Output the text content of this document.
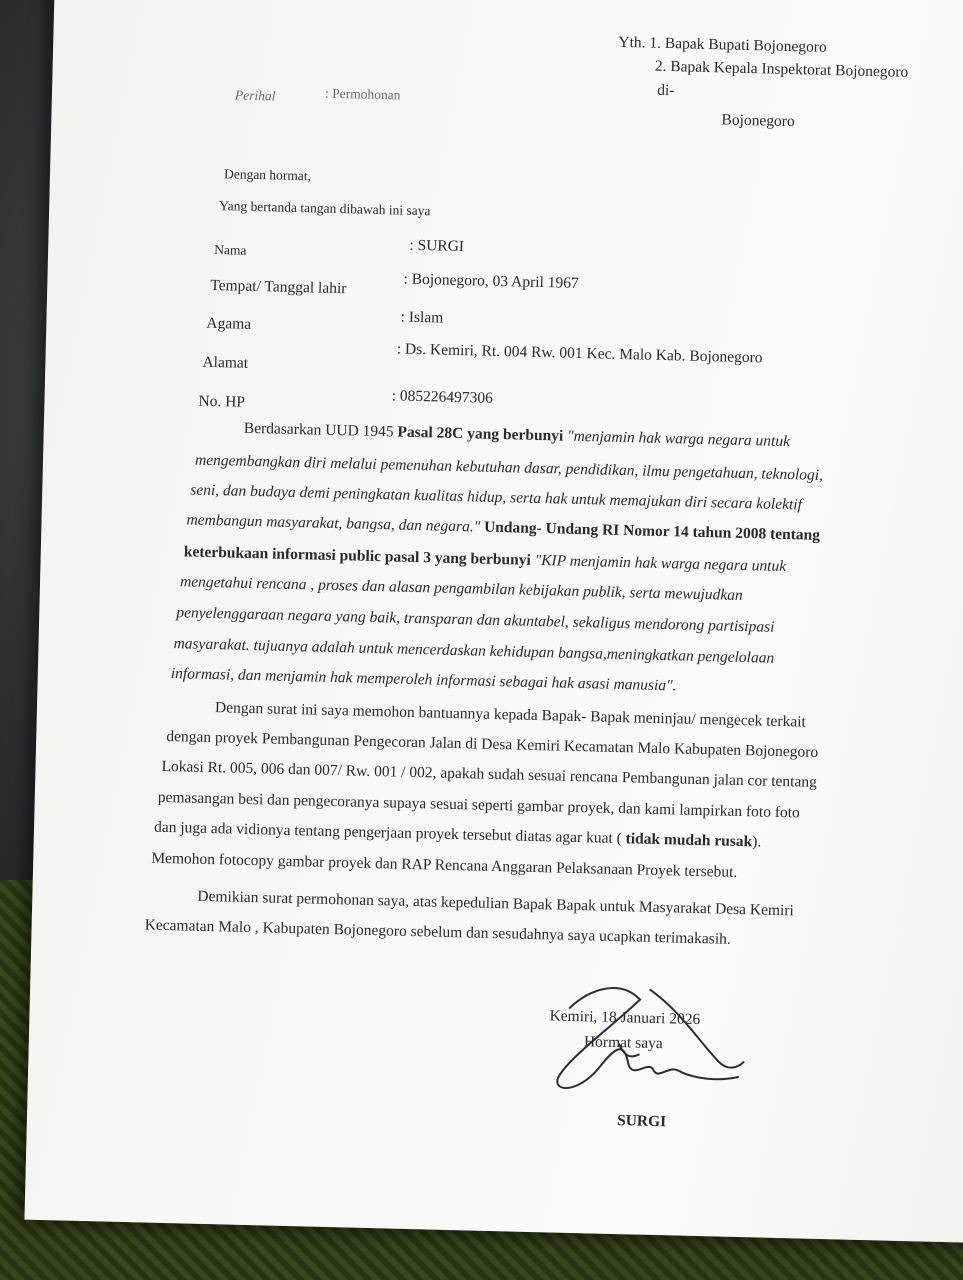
Yth. 1. Bapak Bupati Bojonegoro
2. Bapak Kepala Inspektorat Bojonegoro
di-
Bojonegoro
Perihal	: Permohonan
Dengan hormat,
Yang bertanda tangan dibawah ini saya
Nama	: SURGI
Tempat/ Tanggal lahir	: Bojonegoro, 03 April 1967
Agama	: Islam
Alamat	: Ds. Kemiri, Rt. 004 Rw. 001 Kec. Malo Kab. Bojonegoro
No. HP	: 085226497306
Berdasarkan UUD 1945 Pasal 28C yang berbunyi "menjamin hak warga negara untuk
mengembangkan diri melalui pemenuhan kebutuhan dasar, pendidikan, ilmu pengetahuan, teknologi,
seni, dan budaya demi peningkatan kualitas hidup, serta hak untuk memajukan diri secara kolektif
membangun masyarakat, bangsa, dan negara." Undang- Undang RI Nomor 14 tahun 2008 tentang
keterbukaan informasi public pasal 3 yang berbunyi "KIP menjamin hak warga negara untuk
mengetahui rencana , proses dan alasan pengambilan kebijakan publik, serta mewujudkan
penyelenggaraan negara yang baik, transparan dan akuntabel, sekaligus mendorong partisipasi
masyarakat. tujuanya adalah untuk mencerdaskan kehidupan bangsa,meningkatkan pengelolaan
informasi, dan menjamin hak memperoleh informasi sebagai hak asasi manusia".
Dengan surat ini saya memohon bantuannya kepada Bapak- Bapak meninjau/ mengecek terkait
dengan proyek Pembangunan Pengecoran Jalan di Desa Kemiri Kecamatan Malo Kabupaten Bojonegoro
Lokasi Rt. 005, 006 dan 007/ Rw. 001 / 002, apakah sudah sesuai rencana Pembangunan jalan cor tentang
pemasangan besi dan pengecoranya supaya sesuai seperti gambar proyek, dan kami lampirkan foto foto
dan juga ada vidionya tentang pengerjaan proyek tersebut diatas agar kuat ( tidak mudah rusak).
Memohon fotocopy gambar proyek dan RAP Rencana Anggaran Pelaksanaan Proyek tersebut.
Demikian surat permohonan saya, atas kepedulian Bapak Bapak untuk Masyarakat Desa Kemiri
Kecamatan Malo , Kabupaten Bojonegoro sebelum dan sesudahnya saya ucapkan terimakasih.
Kemiri, 18 Januari 2026
Hormat saya
SURGI
